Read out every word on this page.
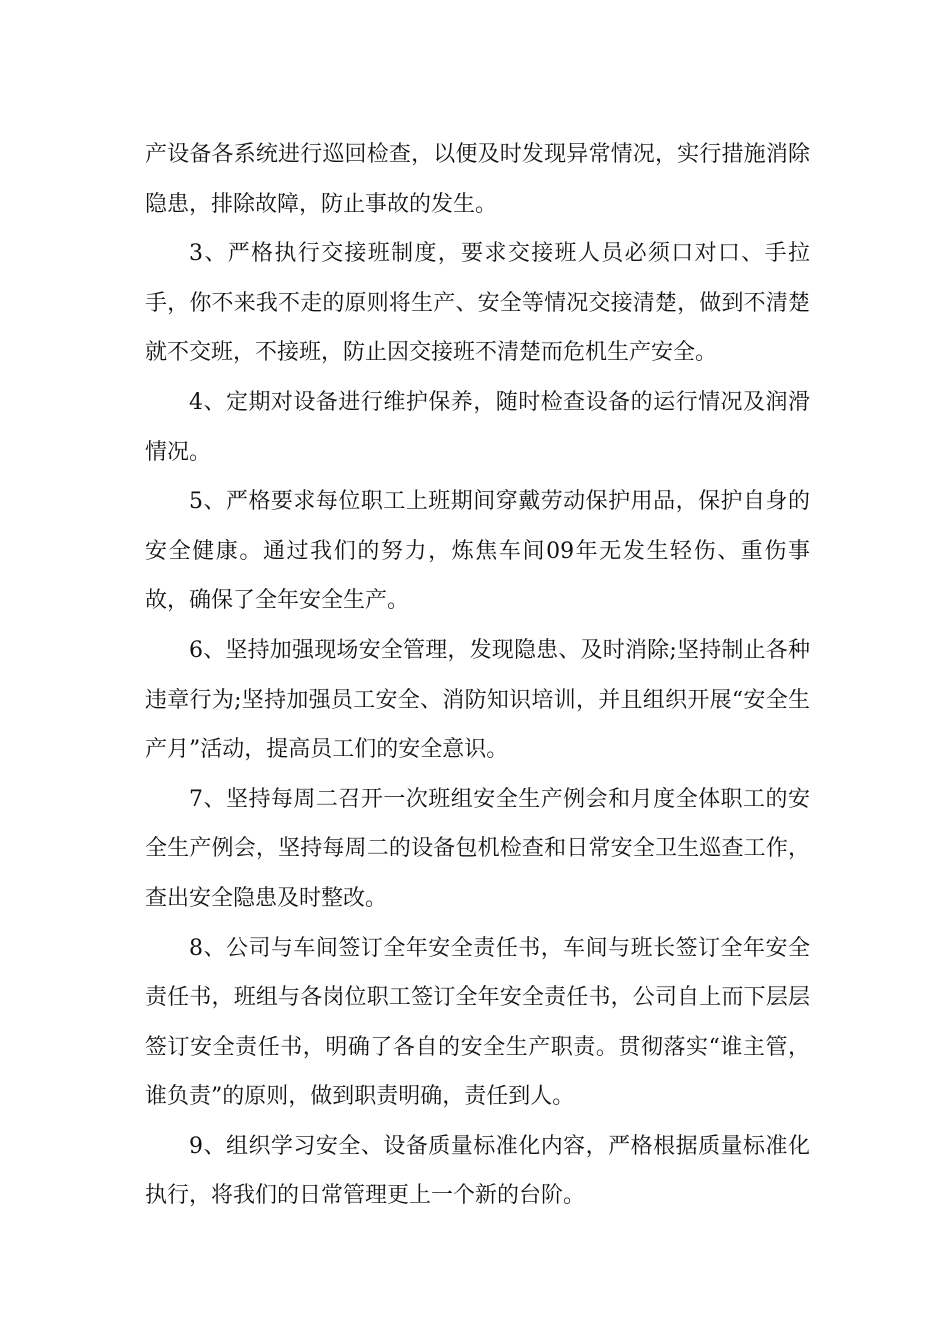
产设备各系统进行巡回检查，以便及时发现异常情况，实行措施消除隐患，排除故障，防止事故的发生。

3、严格执行交接班制度，要求交接班人员必须口对口、手拉手，你不来我不走的原则将生产、安全等情况交接清楚，做到不清楚就不交班，不接班，防止因交接班不清楚而危机生产安全。

4、定期对设备进行维护保养，随时检查设备的运行情况及润滑情况。

5、严格要求每位职工上班期间穿戴劳动保护用品，保护自身的安全健康。通过我们的努力，炼焦车间09年无发生轻伤、重伤事故，确保了全年安全生产。

6、坚持加强现场安全管理，发现隐患、及时消除;坚持制止各种违章行为;坚持加强员工安全、消防知识培训，并且组织开展“安全生产月”活动，提高员工们的安全意识。

7、坚持每周二召开一次班组安全生产例会和月度全体职工的安全生产例会，坚持每周二的设备包机检查和日常安全卫生巡查工作，查出安全隐患及时整改。

8、公司与车间签订全年安全责任书，车间与班长签订全年安全责任书，班组与各岗位职工签订全年安全责任书，公司自上而下层层签订安全责任书，明确了各自的安全生产职责。贯彻落实“谁主管，谁负责”的原则，做到职责明确，责任到人。

9、组织学习安全、设备质量标准化内容，严格根据质量标准化执行，将我们的日常管理更上一个新的台阶。
